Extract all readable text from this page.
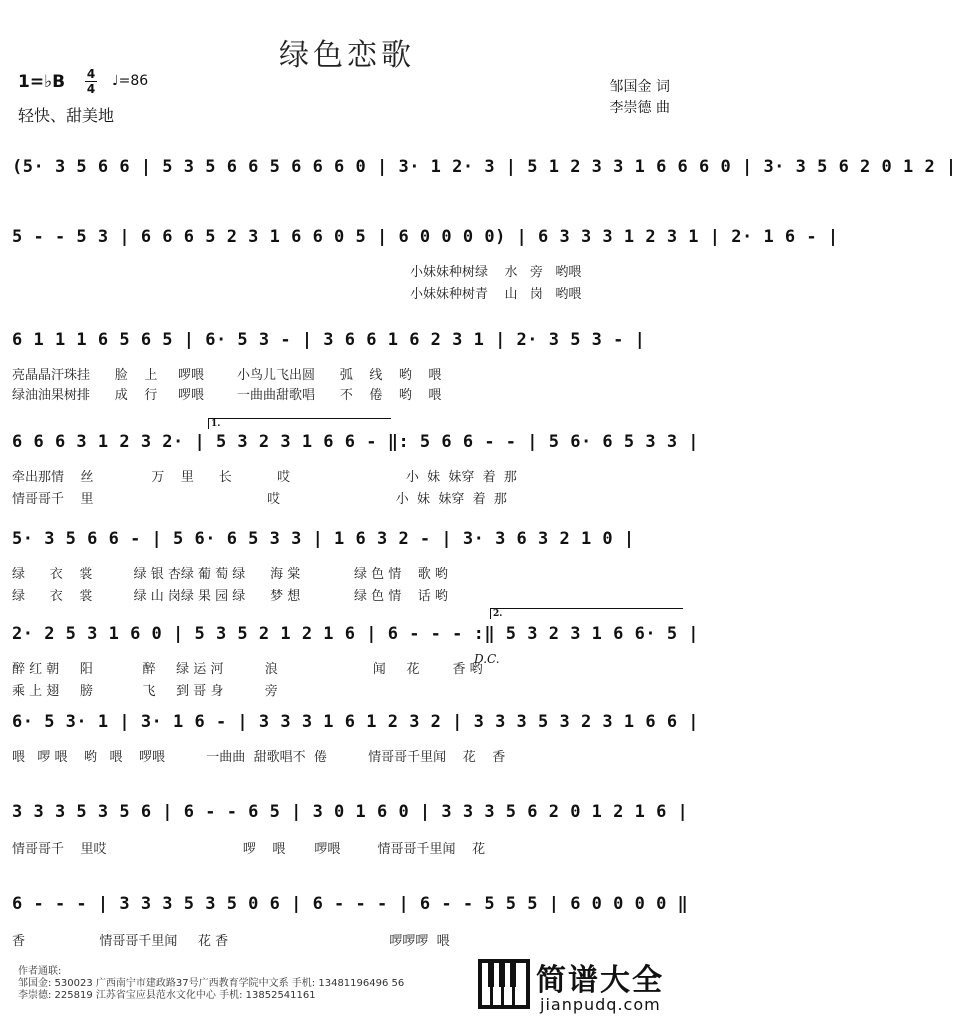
绿色恋歌
1=♭B 4
4 ♩=86
轻快、甜美地
邹国金 词
李崇德 曲
(5· 3 5 6 6 | 5 3 5 6 6 5 6 6 6 0 | 3· 1 2· 3 | 5 1 2 3 3 1 6 6 6 0 | 3· 3 5 6 2 0 1 2 |
5 - - 5 3 | 6 6 6 5 2 3 1 6 6 0 5 | 6 0 0 0 0) | 6 3 3 3 1 2 3 1 | 2· 1 6 - |
小妹妹种树绿    水   旁   哟喂
小妹妹种树青    山   岗   哟喂
6 1 1 1 6 5 6 5 | 6· 5 3 - | 3 6 6 1 6 2 3 1 | 2· 3 5 3 - |
亮晶晶汗珠挂      脸    上     啰喂        小鸟儿飞出圆      弧    线    哟    喂
绿油油果树排      成    行     啰喂        一曲曲甜歌唱      不    倦    哟    喂
1.
6 6 6 3 1 2 3 2· | 5 3 2 3 1 6 6 - ‖: 5 6 6 - - | 5 6· 6 5 3 3 |
牵出那情    丝              万    里      长           哎                            小  妹  妹穿  着  那
情哥哥千    里                                          哎                            小  妹  妹穿  着  那
5· 3 5 6 6 - | 5 6· 6 5 3 3 | 1 6 3 2 - | 3· 3 6 3 2 1 0 |
绿      衣    裳          绿 银 杏绿 葡 萄 绿      海 棠             绿 色 情    歌 哟
绿      衣    裳          绿 山 岗绿 果 园 绿      梦 想             绿 色 情    话 哟
2.
2· 2 5 3 1 6 0 | 5 3 5 2 1 2 1 6 | 6 - - - :‖ 5 3 2 3 1 6 6· 5 |
D.C.
醉 红 朝     阳            醉     绿 运 河          浪                       闻     花        香 哟
乘 上 翅     膀            飞     到 哥 身          旁
6· 5 3· 1 | 3· 1 6 - | 3 3 3 1 6 1 2 3 2 | 3 3 3 5 3 2 3 1 6 6 |
喂   啰 喂    哟   喂    啰喂          一曲曲  甜歌唱不  倦          情哥哥千里闻    花    香
3 3 3 5 3 5 6 | 6 - - 6 5 | 3 0 1 6 0 | 3 3 3 5 6 2 0 1 2 1 6 |
情哥哥千    里哎                                 啰    喂       啰喂         情哥哥千里闻    花
6 - - - | 3 3 3 5 3 5 0 6 | 6 - - - | 6 - - 5 5 5 | 6 0 0 0 0 ‖
香                  情哥哥千里闻     花 香                                       啰啰啰  喂
作者通联:
邹国金: 530023 广西南宁市建政路37号广西教育学院中文系 手机: 13481196496 56
李崇德: 225819 江苏省宝应县范水文化中心 手机: 13852541161	简谱大全
jianpudq.com
